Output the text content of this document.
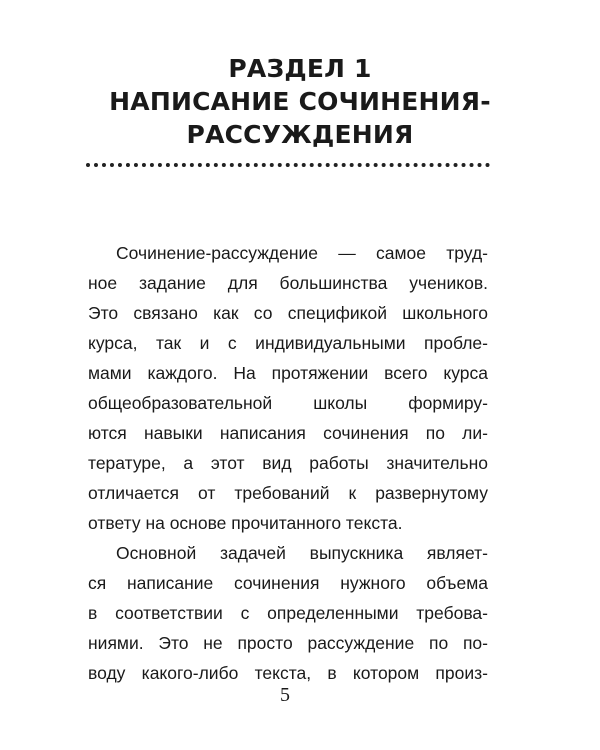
РАЗДЕЛ 1
НАПИСАНИЕ СОЧИНЕНИЯ-
РАССУЖДЕНИЯ
Сочинение-рассуждение — самое труд-
ное задание для большинства учеников.
Это связано как со спецификой школьного
курса, так и с индивидуальными пробле-
мами каждого. На протяжении всего курса
общеобразовательной школы формиру-
ются навыки написания сочинения по ли-
тературе, а этот вид работы значительно
отличается от требований к развернутому
ответу на основе прочитанного текста.
Основной задачей выпускника являет-
ся написание сочинения нужного объема
в соответствии с определенными требова-
ниями. Это не просто рассуждение по по-
воду какого-либо текста, в котором произ-
5
